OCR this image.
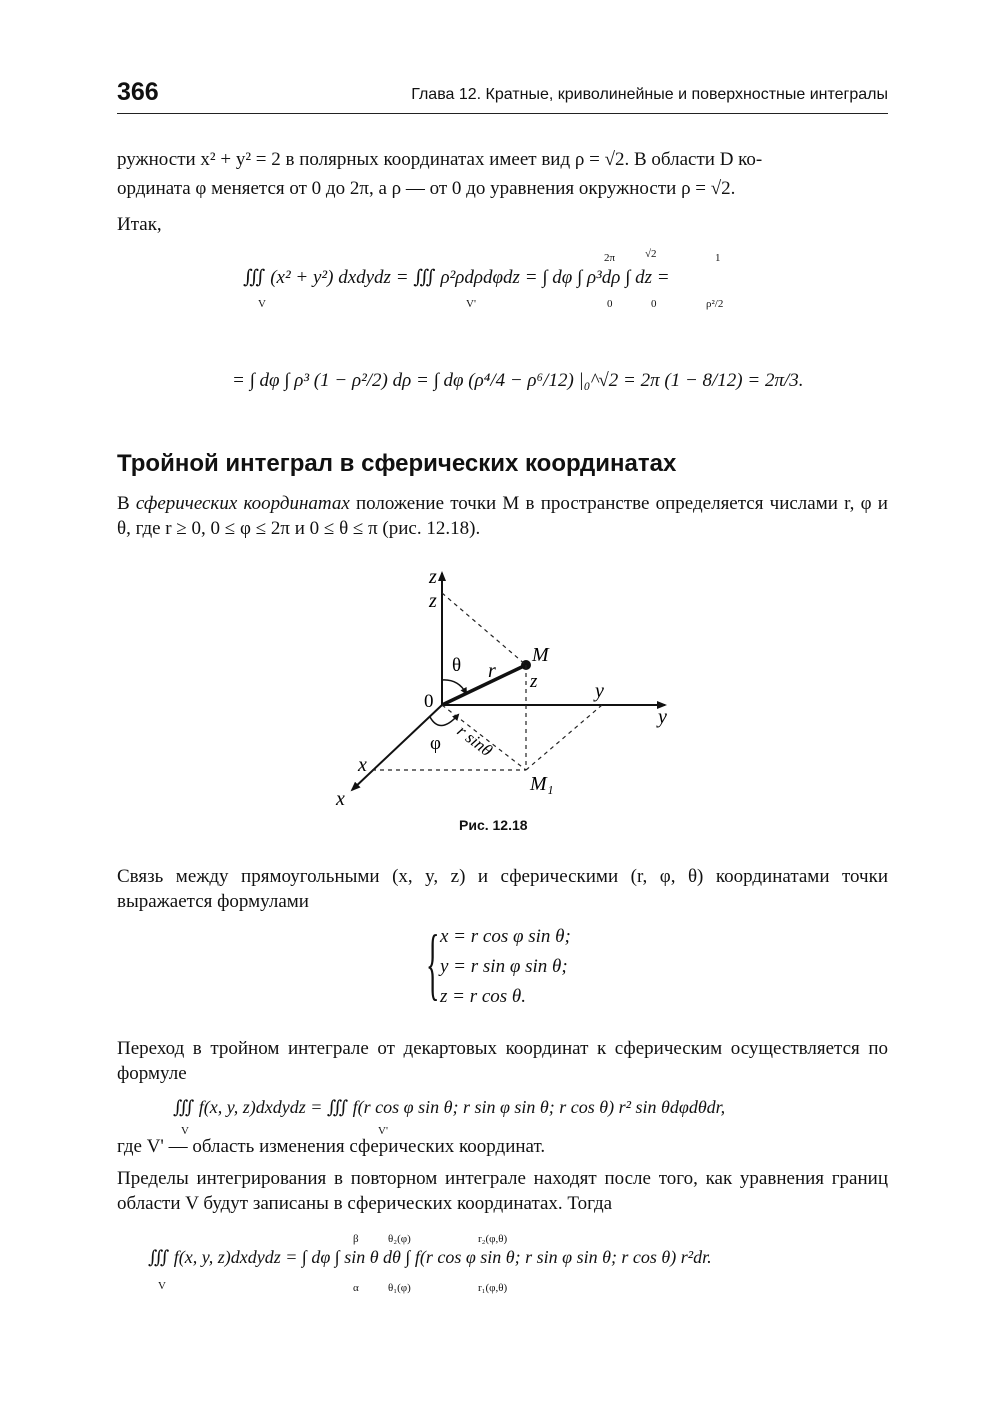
366	Глава 12. Кратные, криволинейные и поверхностные интегралы
ружности x² + y² = 2 в полярных координатах имеет вид ρ = √2. В области D ко-
ордината φ меняется от 0 до 2π, а ρ — от 0 до уравнения окружности ρ = √2.
Итак,
∭ (x² + y²) dxdydz = ∭ ρ²ρdρdφdz = ∫ dφ ∫ ρ³dρ ∫ dz =
V	V'
2π
0
√2
0
1
ρ²/2
= ∫ dφ ∫ ρ³ (1 − ρ²/2) dρ = ∫ dφ (ρ⁴/4 − ρ⁶/12) |₀^√2 = 2π (1 − 8/12) = 2π/3.
Тройной интеграл в сферических координатах
В сферических координатах положение точки M в пространстве определяется числами r, φ и θ, где r ≥ 0, 0 ≤ φ ≤ 2π и 0 ≤ θ ≤ π (рис. 12.18).
z
z
θ r
M
z
0	y
y
φ r sinθ
x
M₁
x
Рис. 12.18
Связь между прямоугольными (x, y, z) и сферическими (r, φ, θ) координатами точки выражается формулами
{ x = r cos φ sin θ;
y = r sin φ sin θ;
z = r cos θ.
Переход в тройном интеграле от декартовых координат к сферическим осуществляется по формуле
∭ f(x, y, z)dxdydz = ∭ f(r cos φ sin θ; r sin φ sin θ; r cos θ) r² sin θdφdθdr,
V	V'
где V' — область изменения сферических координат.
Пределы интегрирования в повторном интеграле находят после того, как уравнения границ области V будут записаны в сферических координатах. Тогда
∭ f(x, y, z)dxdydz = ∫ dφ ∫ sin θ dθ ∫ f(r cos φ sin θ; r sin φ sin θ; r cos θ) r²dr.
V
β
α
θ₂(φ)
θ₁(φ)
r₂(φ,θ)
r₁(φ,θ)
